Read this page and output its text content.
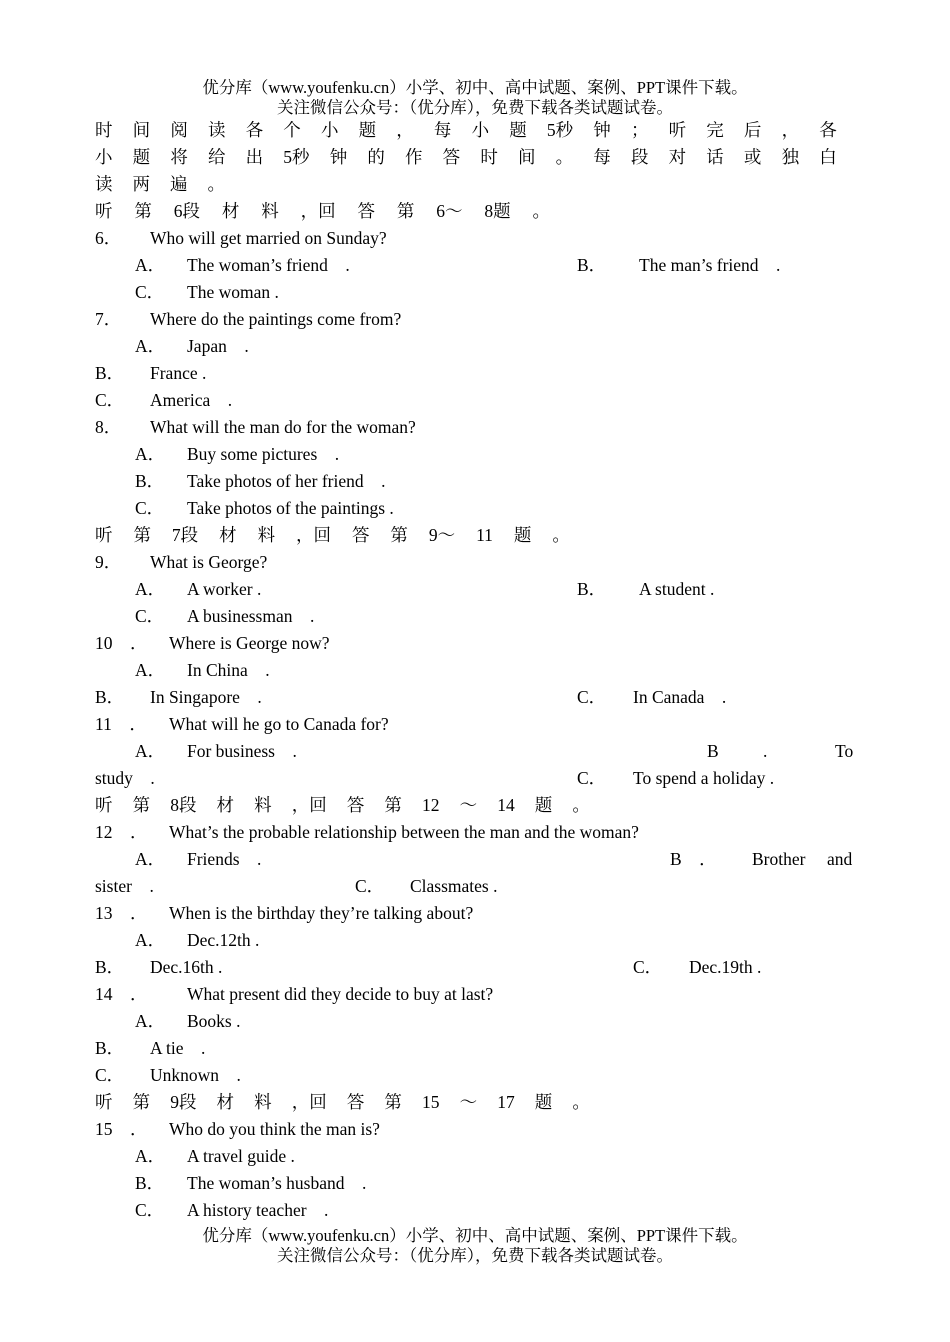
优分库（www.youfenku.cn）小学、初中、高中试题、案例、PPT课件下载。
关注微信公众号：（优分库），免费下载各类试题试卷。
时 间 阅 读 各 个 小 题 ， 每 小 题 5秒 钟 ； 听 完 后 ， 各
小 题 将 给 出 5秒 钟 的 作 答 时 间 。 每 段 对 话 或 独 白
读 两 遍 。
听 第 6段 材 料 ，回 答 第 6～ 8题 。
6． Who will get married on Sunday?
A． The woman’s friend　.	B． The man’s friend　.
C． The woman .
7． Where do the paintings come from?
A． Japan　.
B． France .
C． America　.
8． What will the man do for the woman?
A． Buy some pictures　.
B． Take photos of her friend　.
C． Take photos of the paintings .
听 第 7段 材 料 ，回 答 第 9～ 11 题 。
9． What is George?
A． A worker .	B． A student .
C． A businessman　.
10　． Where is George now?
A． In China　.
B． In Singapore　.	C． In Canada　.
11　． What will he go to Canada for?
A． For business　.	B	.	To
study　.	C． To spend a holiday .
听 第 8段 材 料 ，回 答 第 12 ～ 14 题 。
12　． What’s the probable relationship between the man and the woman?
A． Friends　.	B　． Brother and
sister　.	C． Classmates .
13　． When is the birthday they’re talking about?
A． Dec.12th .
B． Dec.16th .	C． Dec.19th .
14　． What present did they decide to buy at last?
A． Books .
B． A tie　.
C． Unknown　.
听 第 9段 材 料 ，回 答 第 15 ～ 17 题 。
15　． Who do you think the man is?
A． A travel guide .
B． The woman’s husband　.
C． A history teacher　.
优分库（www.youfenku.cn）小学、初中、高中试题、案例、PPT课件下载。
关注微信公众号：（优分库），免费下载各类试题试卷。
